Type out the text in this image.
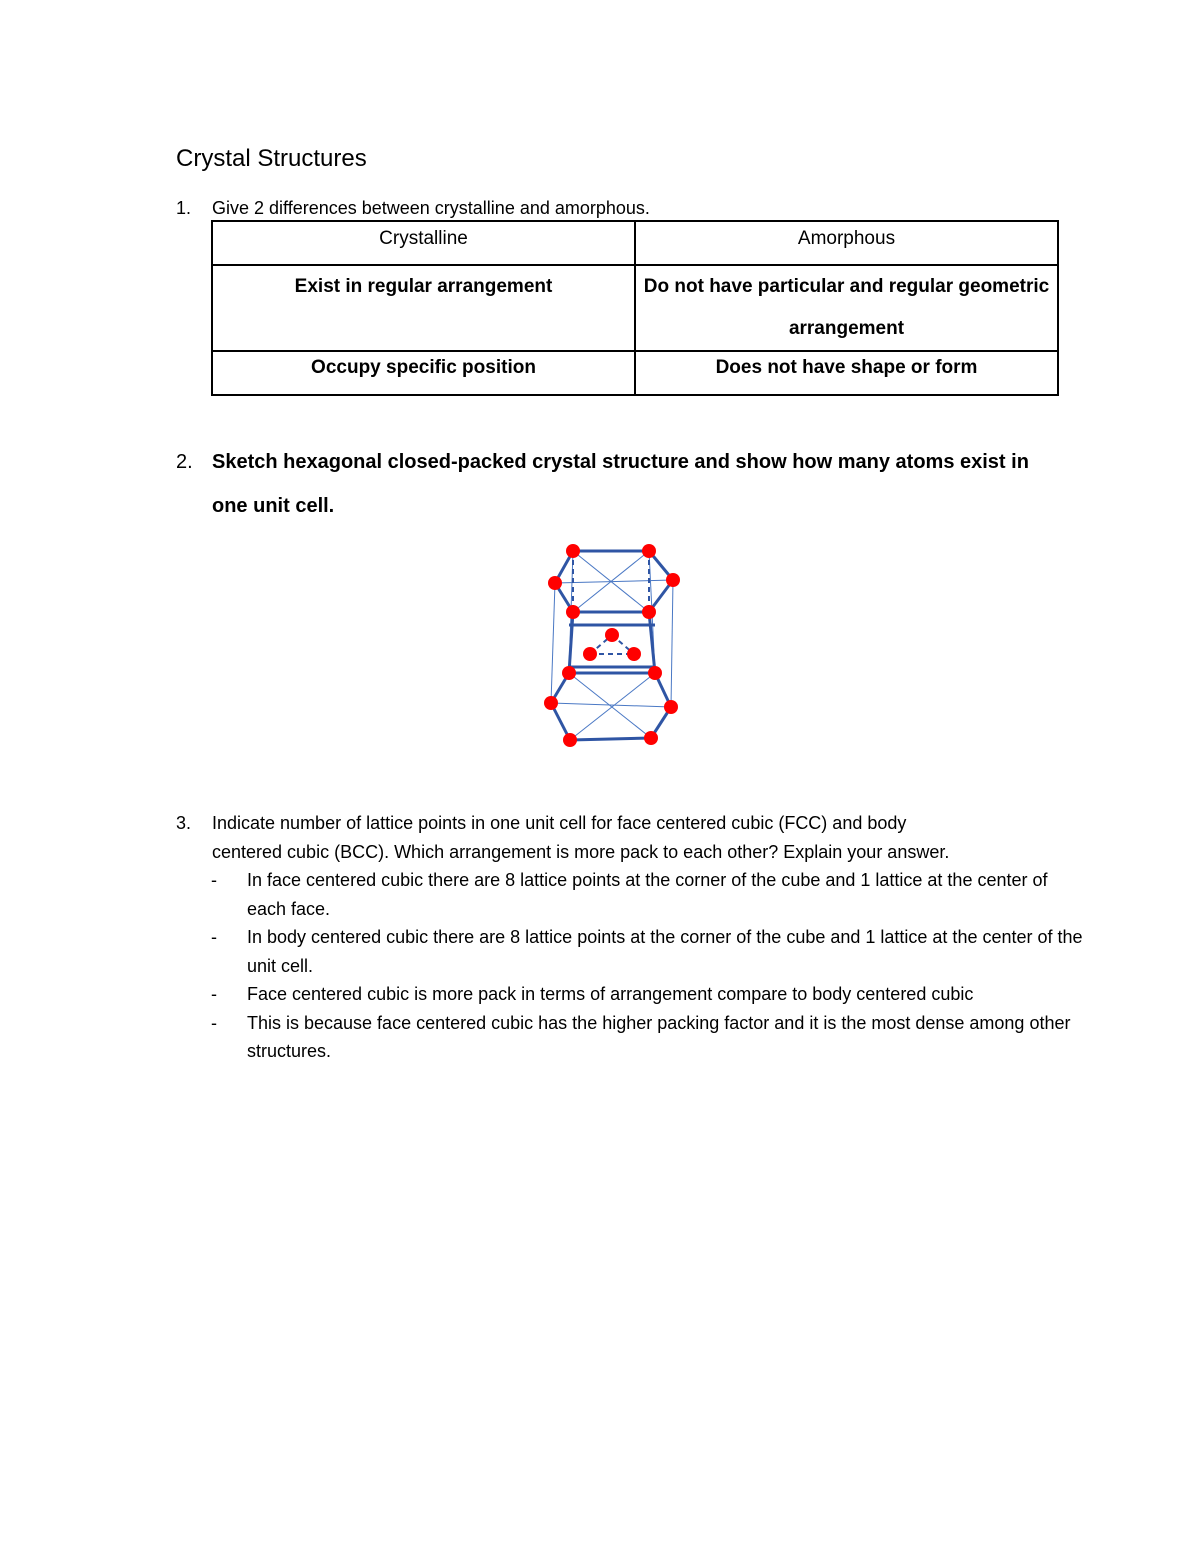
Crystal Structures
1. Give 2 differences between crystalline and amorphous.
Crystalline	Amorphous
Exist in regular arrangement	Do not have particular and regular geometric arrangement
Occupy specific position	Does not have shape or form
2. Sketch hexagonal closed-packed crystal structure and show how many atoms exist in
one unit cell.
3. Indicate number of lattice points in one unit cell for face centered cubic (FCC) and body
centered cubic (BCC). Which arrangement is more pack to each other? Explain your answer.
- In face centered cubic there are 8 lattice points at the corner of the cube and 1 lattice at the center of each face.
- In body centered cubic there are 8 lattice points at the corner of the cube and 1 lattice at the center of the unit cell.
- Face centered cubic is more pack in terms of arrangement compare to body centered cubic
- This is because face centered cubic has the higher packing factor and it is the most dense among other structures.
